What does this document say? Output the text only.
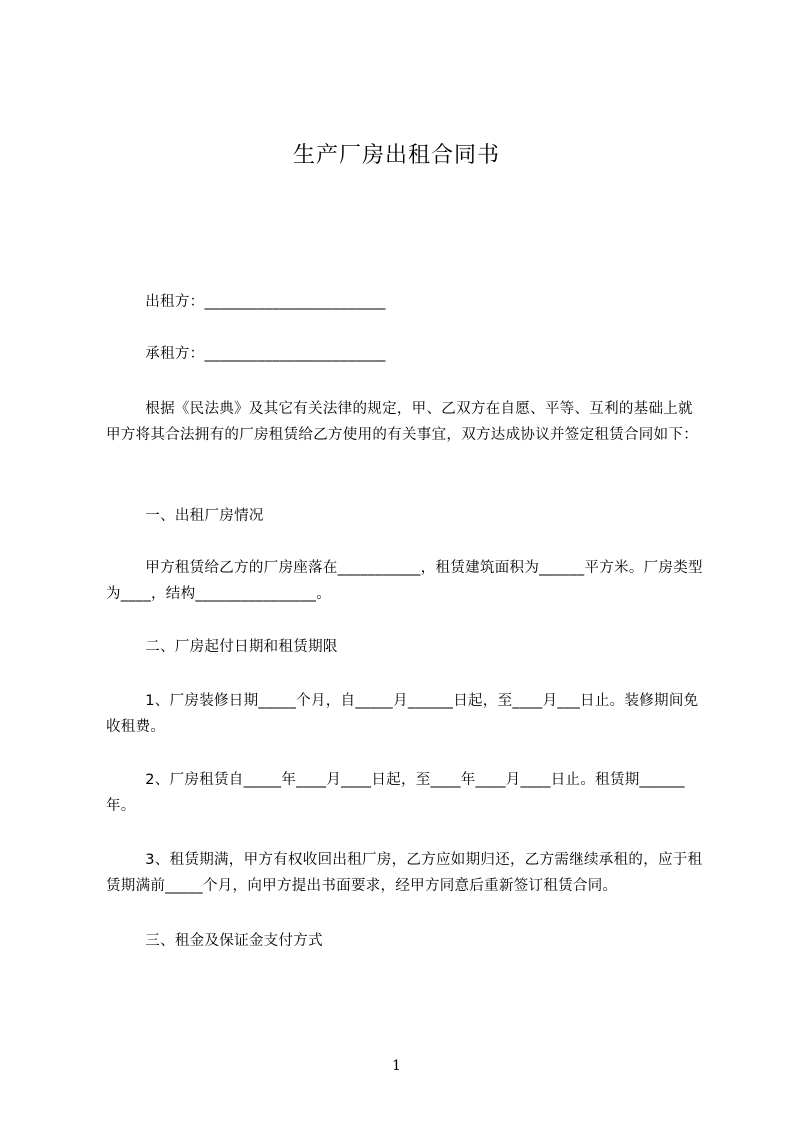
生产厂房出租合同书
出租方：________________________
承租方：________________________
根据《民法典》及其它有关法律的规定，甲、乙双方在自愿、平等、互利的基础上就甲方将其合法拥有的厂房租赁给乙方使用的有关事宜，双方达成协议并签定租赁合同如下：
一、出租厂房情况
甲方租赁给乙方的厂房座落在___________，租赁建筑面积为______平方米。厂房类型为____，结构________________。
二、厂房起付日期和租赁期限
1、厂房装修日期_____个月，自_____月______日起，至____月___日止。装修期间免收租费。
2、厂房租赁自_____年____月____日起，至____年____月____日止。租赁期______年。
3、租赁期满，甲方有权收回出租厂房，乙方应如期归还，乙方需继续承租的，应于租赁期满前_____个月，向甲方提出书面要求，经甲方同意后重新签订租赁合同。
三、租金及保证金支付方式
1
